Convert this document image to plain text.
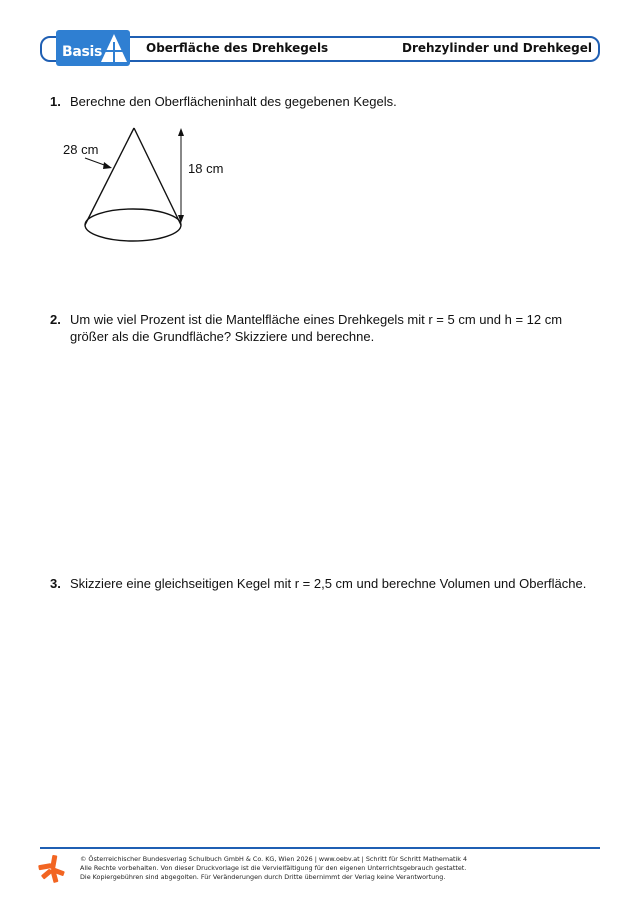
Basis	Oberfläche des Drehkegels	Drehzylinder und Drehkegel
1. Berechne den Oberflächeninhalt des gegebenen Kegels.
28 cm
18 cm
2. Um wie viel Prozent ist die Mantelfläche eines Drehkegels mit r = 5 cm und h = 12 cm größer als die Grundfläche? Skizziere und berechne.
3. Skizziere eine gleichseitigen Kegel mit r = 2,5 cm und berechne Volumen und Oberfläche.
© Österreichischer Bundesverlag Schulbuch GmbH & Co. KG, Wien 2026 | www.oebv.at | Schritt für Schritt Mathematik 4
Alle Rechte vorbehalten. Von dieser Druckvorlage ist die Vervielfältigung für den eigenen Unterrichtsgebrauch gestattet.
Die Kopiergebühren sind abgegolten. Für Veränderungen durch Dritte übernimmt der Verlag keine Verantwortung.
